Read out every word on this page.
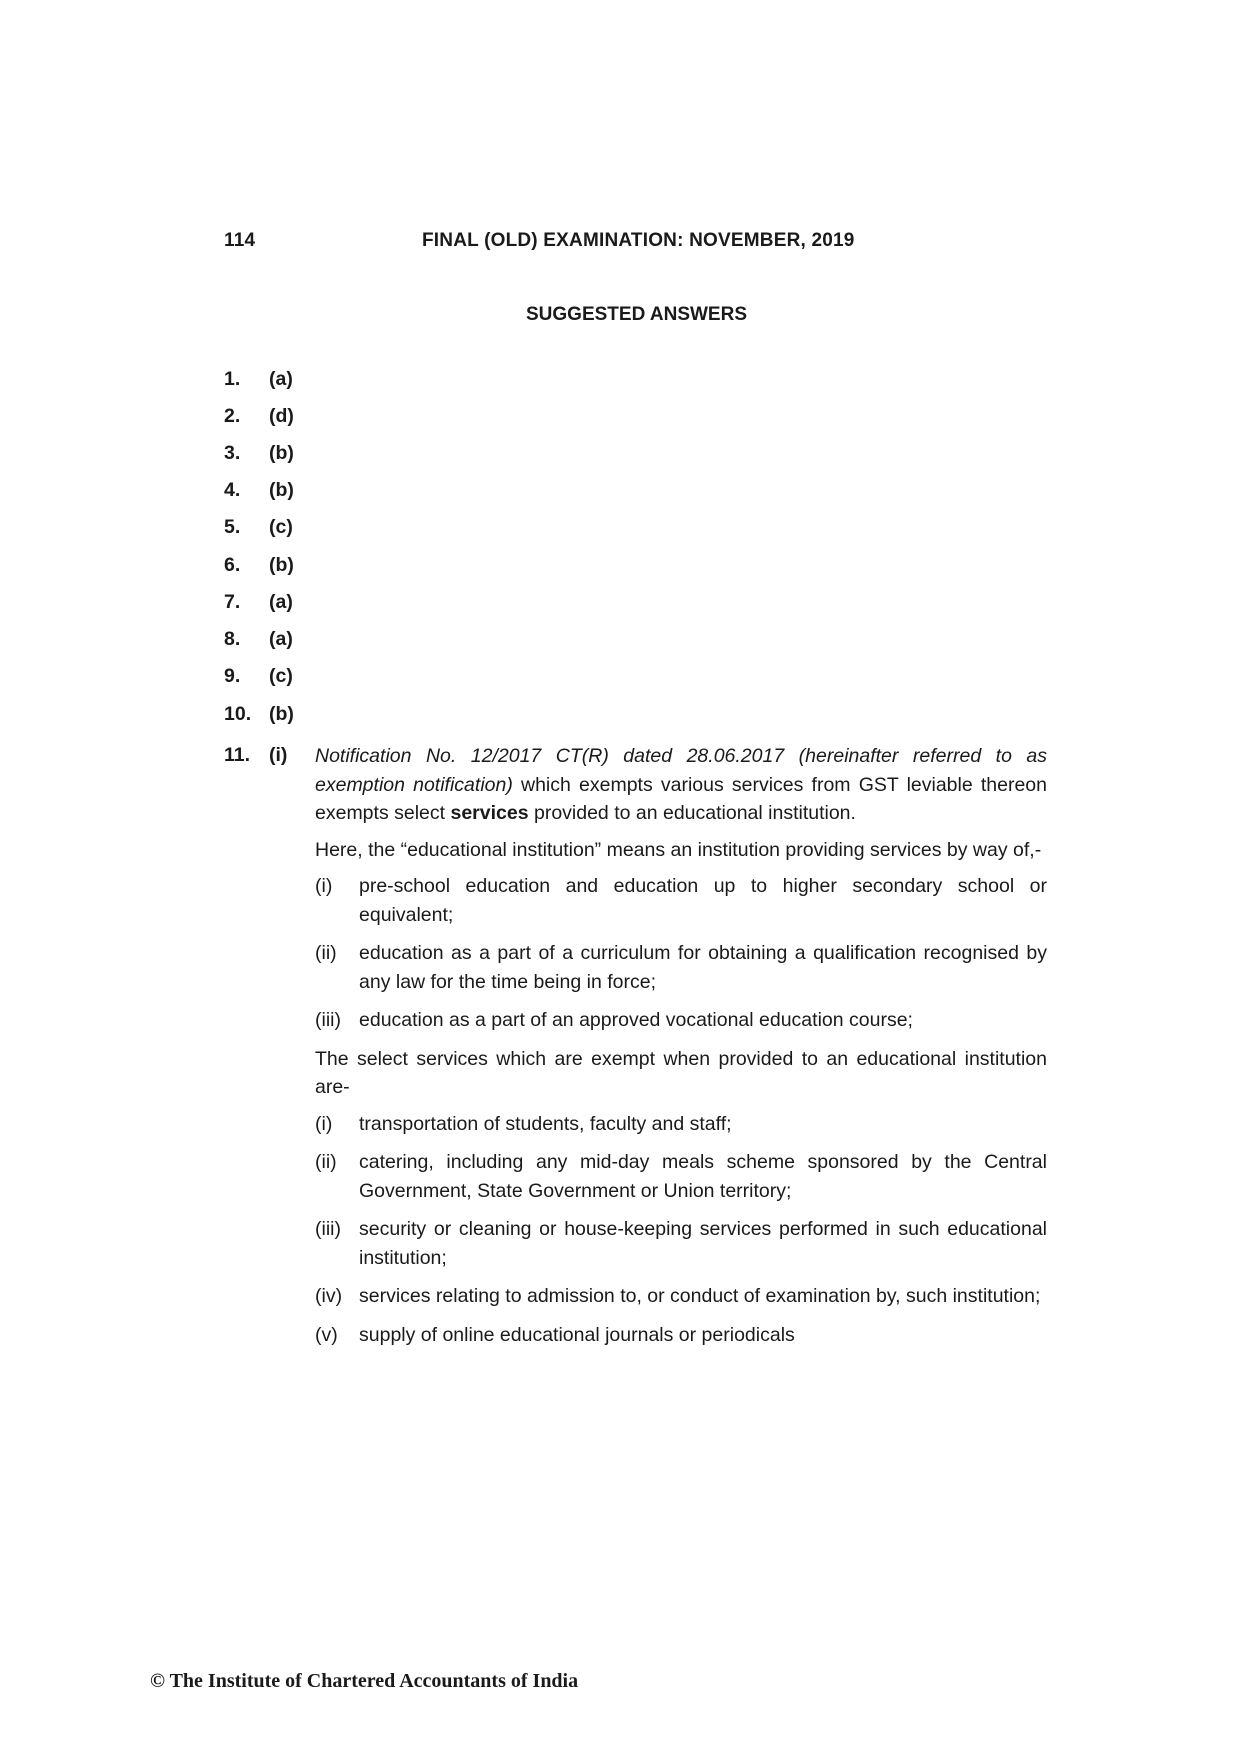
114	FINAL (OLD) EXAMINATION: NOVEMBER, 2019
SUGGESTED ANSWERS
1. (a)
2. (d)
3. (b)
4. (b)
5. (c)
6. (b)
7. (a)
8. (a)
9. (c)
10. (b)
11. (i) Notification No. 12/2017 CT(R) dated 28.06.2017 (hereinafter referred to as exemption notification) which exempts various services from GST leviable thereon exempts select services provided to an educational institution.

Here, the “educational institution” means an institution providing services by way of,-

(i) pre-school education and education up to higher secondary school or equivalent;
(ii) education as a part of a curriculum for obtaining a qualification recognised by any law for the time being in force;
(iii) education as a part of an approved vocational education course;

The select services which are exempt when provided to an educational institution are-

(i) transportation of students, faculty and staff;
(ii) catering, including any mid-day meals scheme sponsored by the Central Government, State Government or Union territory;
(iii) security or cleaning or house-keeping services performed in such educational institution;
(iv) services relating to admission to, or conduct of examination by, such institution;
(v) supply of online educational journals or periodicals
© The Institute of Chartered Accountants of India
